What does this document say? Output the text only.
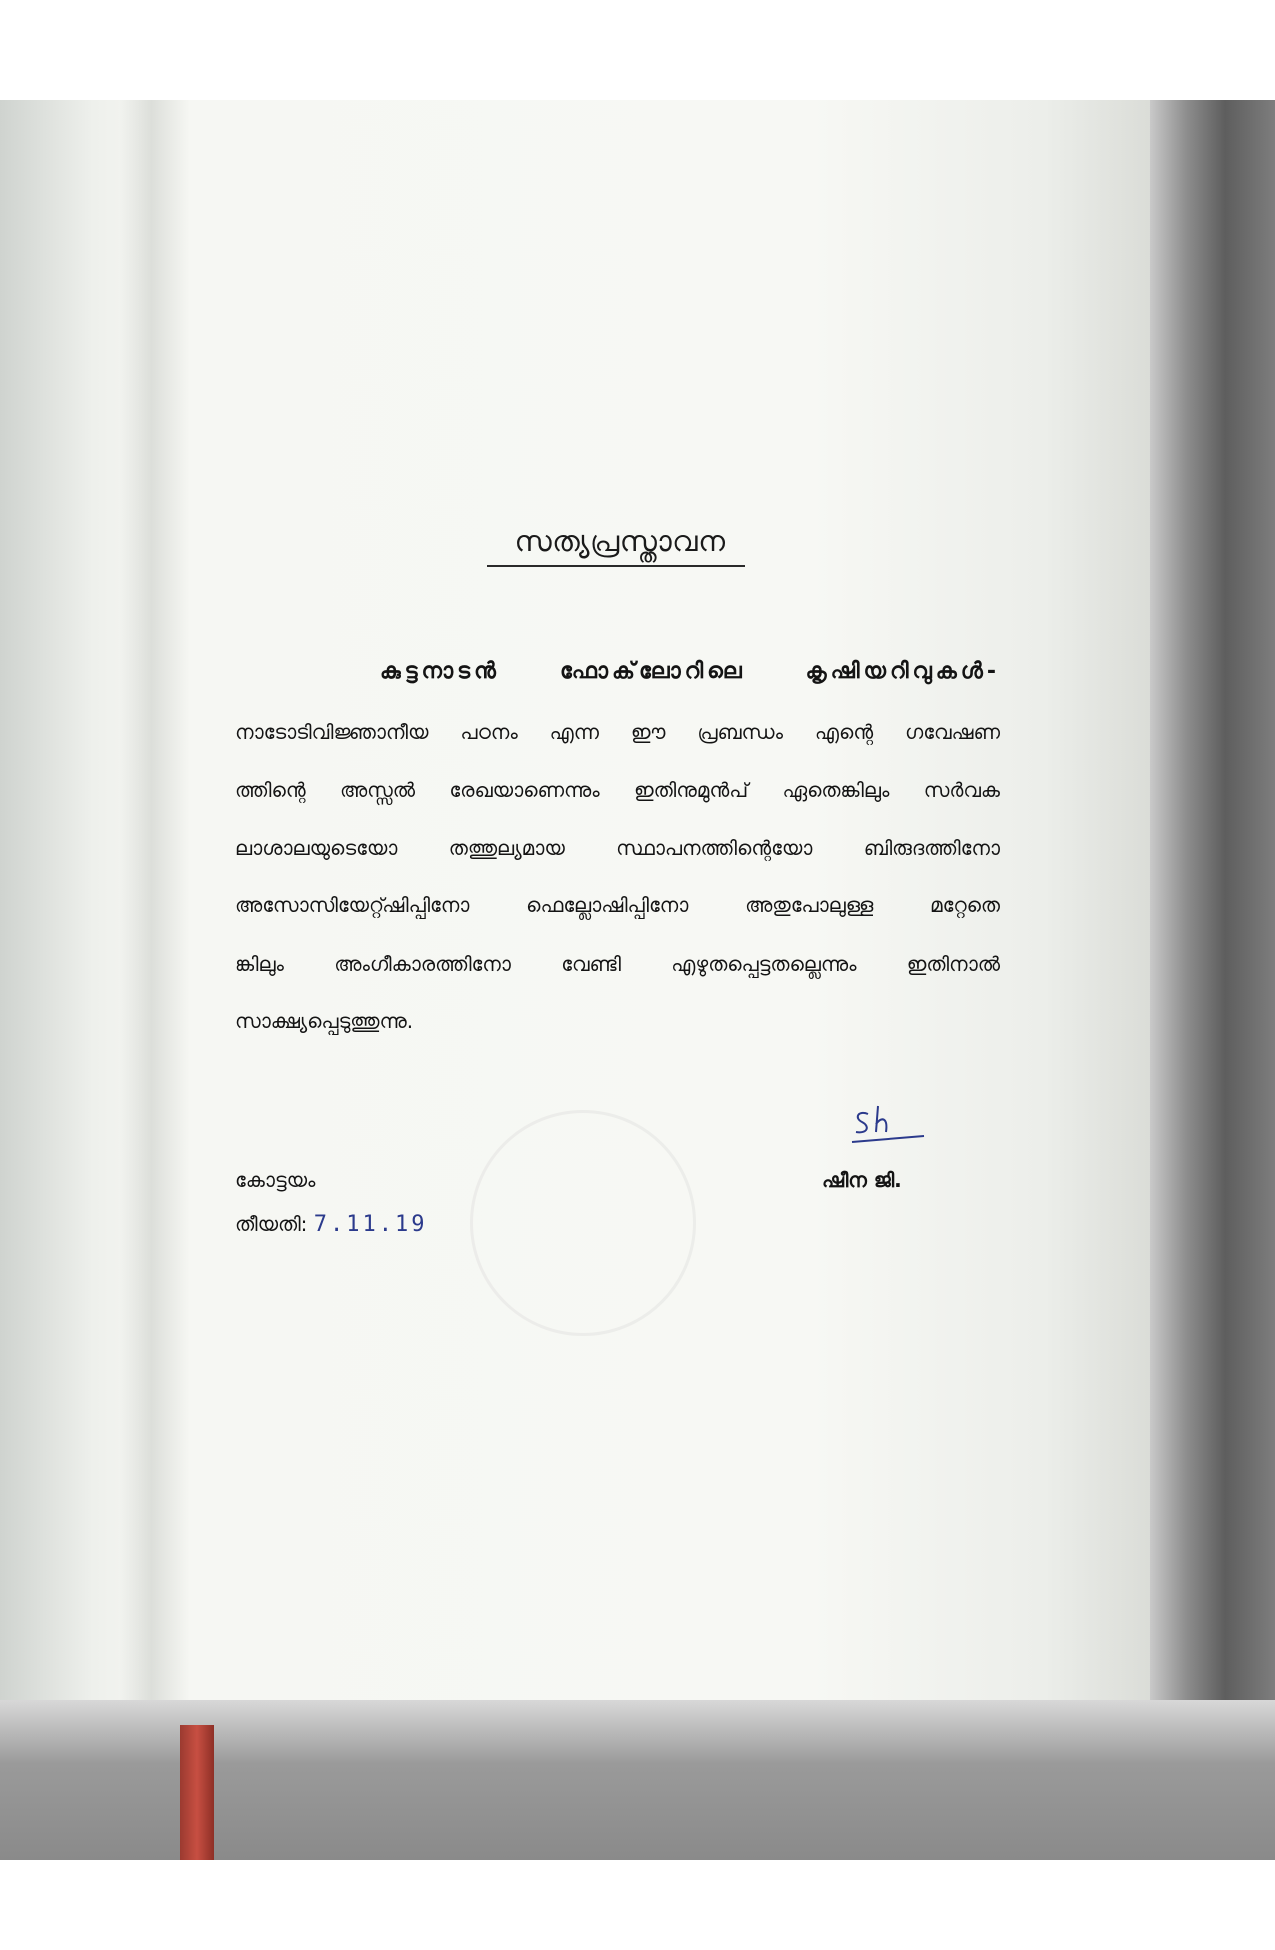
സത്യപ്രസ്താവന
കുട്ടനാടൻ ഫോക്‌ലോറിലെ കൃഷിയറിവുകൾ-
നാടോടിവിജ്ഞാനീയ പഠനം എന്ന ഈ പ്രബന്ധം എന്റെ ഗവേഷണ
ത്തിന്റെ അസ്സൽ രേഖയാണെന്നും ഇതിനുമുൻപ് ഏതെങ്കിലും സർവക
ലാശാലയുടെയോ തത്തുല്യമായ സ്ഥാപനത്തിന്റെയോ ബിരുദത്തിനോ
അസോസിയേറ്റ്ഷിപ്പിനോ ഫെല്ലോഷിപ്പിനോ അതുപോലുള്ള മറ്റേതെ
ങ്കിലും അംഗീകാരത്തിനോ വേണ്ടി എഴുതപ്പെട്ടതല്ലെന്നും ഇതിനാൽ
സാക്ഷ്യപ്പെടുത്തുന്നു.
കോട്ടയം
തീയതി: 7.11.19
ഷീന ജി.
